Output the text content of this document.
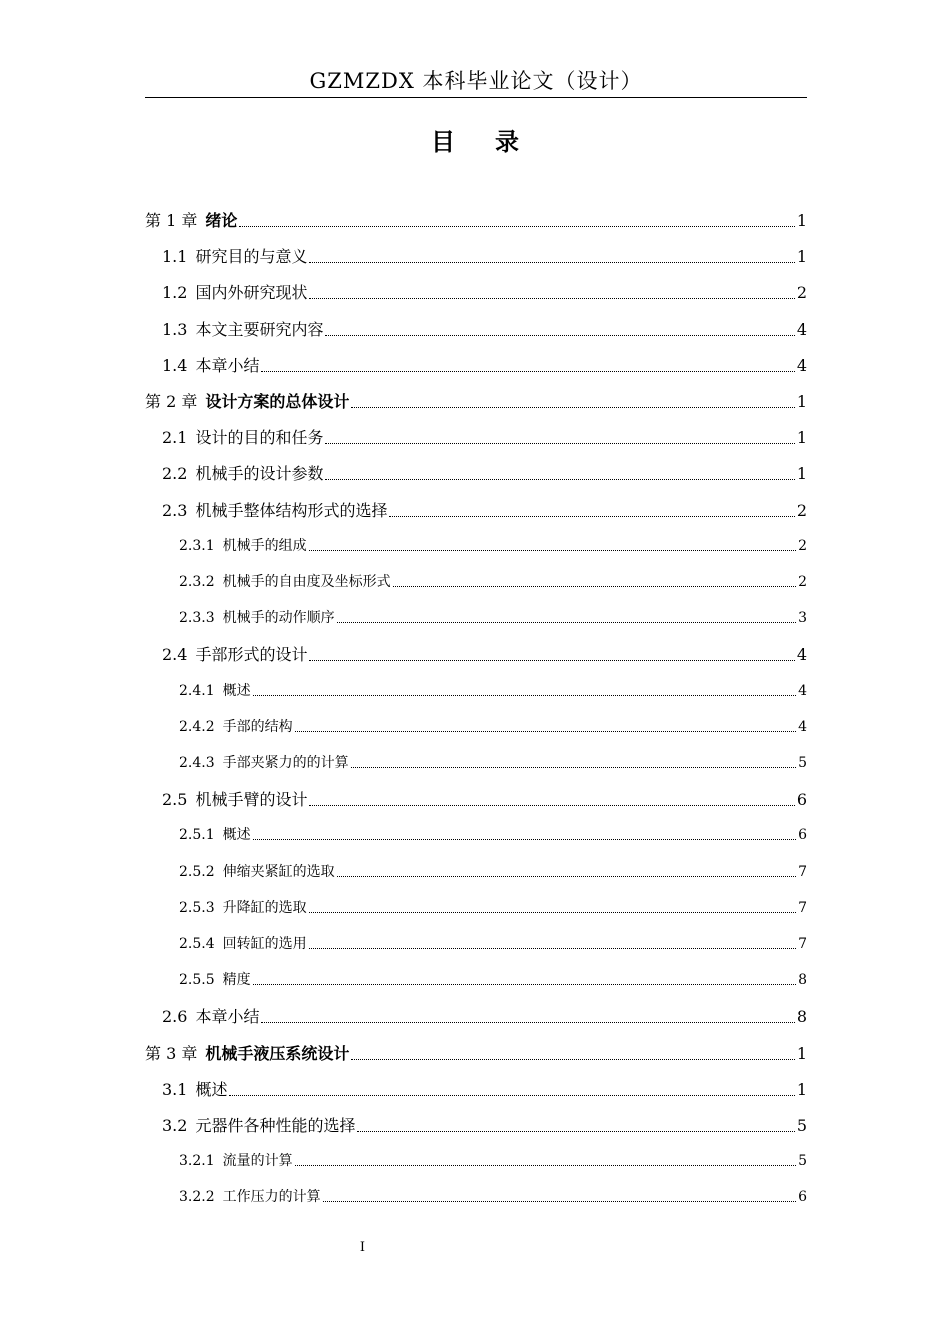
GZMZDX 本科毕业论文（设计）
目录
第 1 章 绪论	1
1.1 研究目的与意义	1
1.2 国内外研究现状	2
1.3 本文主要研究内容	4
1.4 本章小结	4
第 2 章 设计方案的总体设计	1
2.1 设计的目的和任务	1
2.2 机械手的设计参数	1
2.3 机械手整体结构形式的选择	2
2.3.1 机械手的组成	2
2.3.2 机械手的自由度及坐标形式	2
2.3.3 机械手的动作顺序	3
2.4 手部形式的设计	4
2.4.1 概述	4
2.4.2 手部的结构	4
2.4.3 手部夹紧力的的计算	5
2.5 机械手臂的设计	6
2.5.1 概述	6
2.5.2 伸缩夹紧缸的选取	7
2.5.3 升降缸的选取	7
2.5.4 回转缸的选用	7
2.5.5 精度	8
2.6 本章小结	8
第 3 章 机械手液压系统设计	1
3.1 概述	1
3.2 元器件各种性能的选择	5
3.2.1 流量的计算	5
3.2.2 工作压力的计算	6
I
